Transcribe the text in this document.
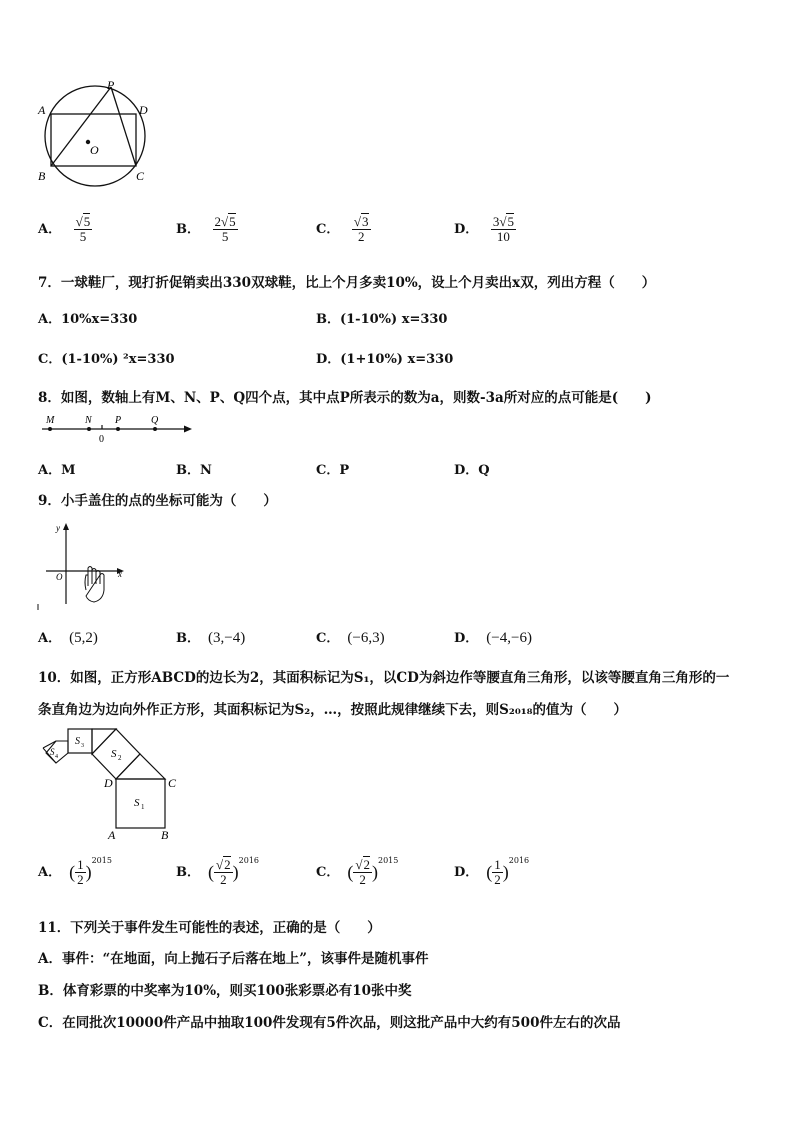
A
P
D
O
B	C
A． √ $\frac{5}{5}$	B． $\frac{2 √ 5}{5}$	C． √ $\frac{3}{2}$	D． $\frac{3 √ 5}{10}$
7．一球鞋厂，现打折促销卖出330双球鞋，比上个月多卖10%，设上个月卖出x双，列出方程（　　）
A．10%x=330	B．(1-10%) x=330
C．(1-10%) ²x=330	D．(1+10%) x=330
8．如图，数轴上有M、N、P、Q四个点，其中点P所表示的数为a，则数-3a所对应的点可能是(　　)
M	N P	Q
0
A．M	B．N	C．P	D．Q
9．小手盖住的点的坐标可能为（　　）
y
x
O
A． (5,2)	B． (3,−4)	C． (−6,3)	D． (−4,−6)
10．如图，正方形ABCD的边长为2，其面积标记为S₁，以CD为斜边作等腰直角三角形，以该等腰直角三角形的一
条直角边为边向外作正方形，其面积标记为S₂，…，按照此规律继续下去，则S₂₀₁₈的值为（　　）
S 1
S 2
S 3
S 4
D	C
A	B
A． ( $\frac{1}{2} )^{2015}$
B． ( √ $\frac{2}{2} )^{2016}$
C． ( √ $\frac{2}{2} )^{2015}$
D． ( $\frac{1}{2} )^{2016}$
11．下列关于事件发生可能性的表述，正确的是（　　）
A．事件：“在地面，向上抛石子后落在地上”，该事件是随机事件
B．体育彩票的中奖率为10%，则买100张彩票必有10张中奖
C．在同批次10000件产品中抽取100件发现有5件次品，则这批产品中大约有500件左右的次品
